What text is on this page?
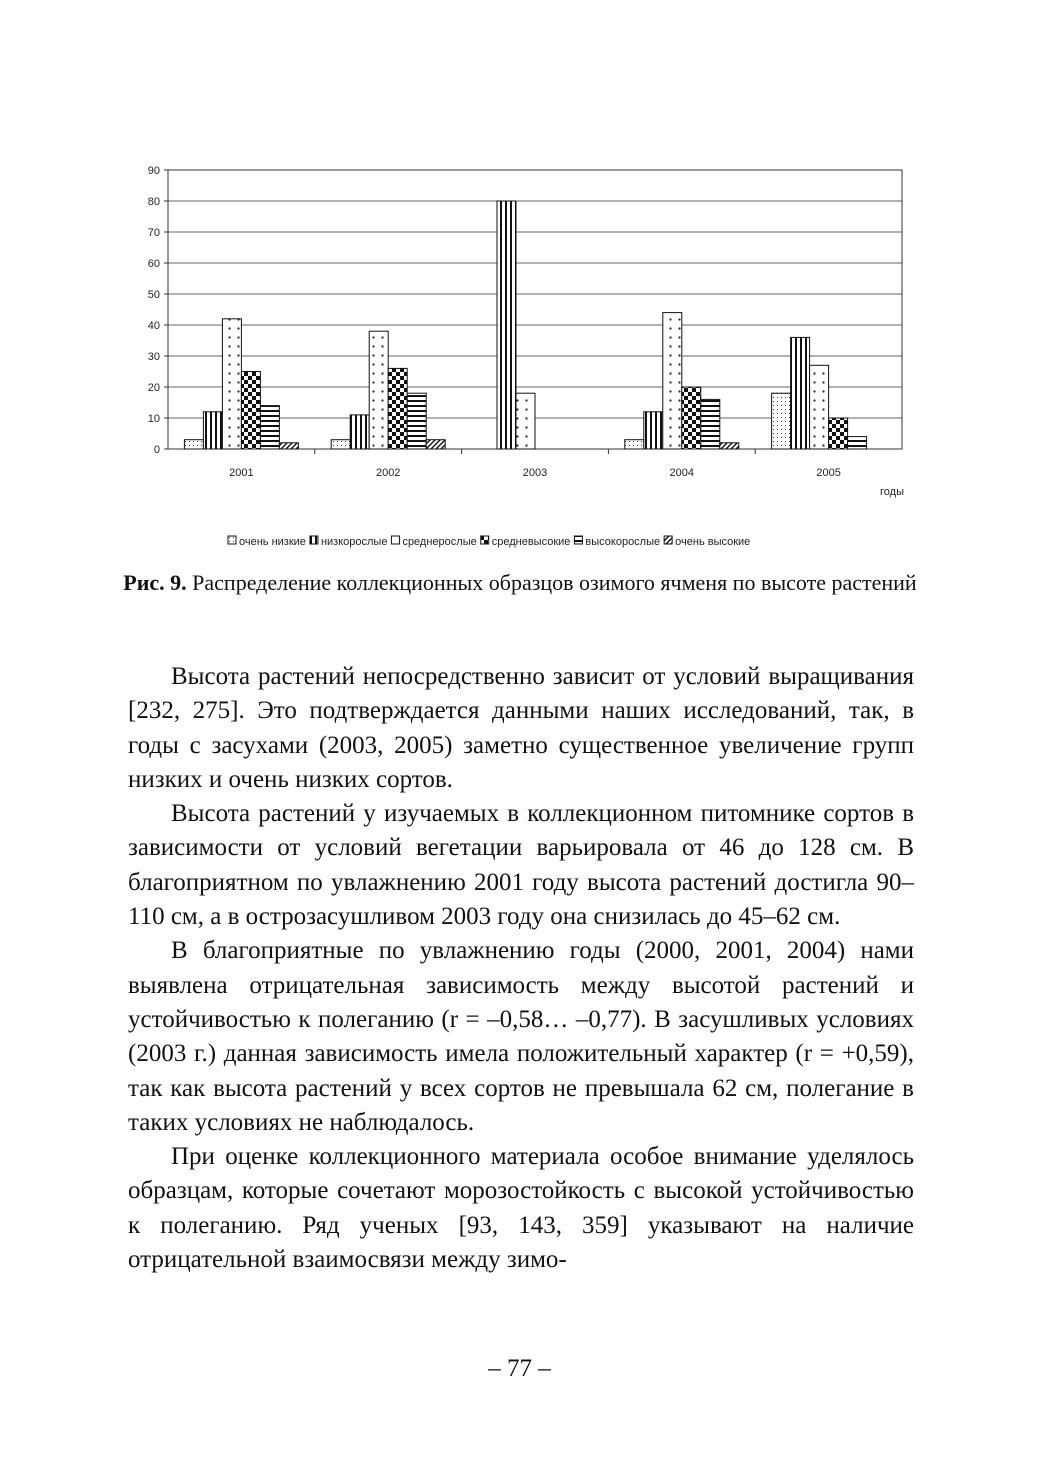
0
10
20
30
40
50
60
70
80
90
2001	2002	2003	2004	2005
годы
очень низкие низкорослые среднерослые средневысокие высокорослые очень высокие
Рис. 9. Распределение коллекционных образцов озимого ячменя по высоте растений

Высота растений непосредственно зависит от условий выращивания [232, 275]. Это подтверждается данными наших исследований, так, в годы с засухами (2003, 2005) заметно существенное увеличение групп низких и очень низких сортов.

Высота растений у изучаемых в коллекционном питомнике сортов в зависимости от условий вегетации варьировала от 46 до 128 см. В благоприятном по увлажнению 2001 году высота растений достигла 90–110 см, а в острозасушливом 2003 году она снизилась до 45–62 см.

В благоприятные по увлажнению годы (2000, 2001, 2004) нами выявлена отрицательная зависимость между высотой растений и устойчивостью к полеганию (r = –0,58… –0,77). В засушливых условиях (2003 г.) данная зависимость имела положительный характер (r = +0,59), так как высота растений у всех сортов не превышала 62 см, полегание в таких условиях не наблюдалось.

При оценке коллекционного материала особое внимание уделялось образцам, которые сочетают морозостойкость с высокой устойчивостью к полеганию. Ряд ученых [93, 143, 359] указывают на наличие отрицательной взаимосвязи между зимо-

– 77 –
